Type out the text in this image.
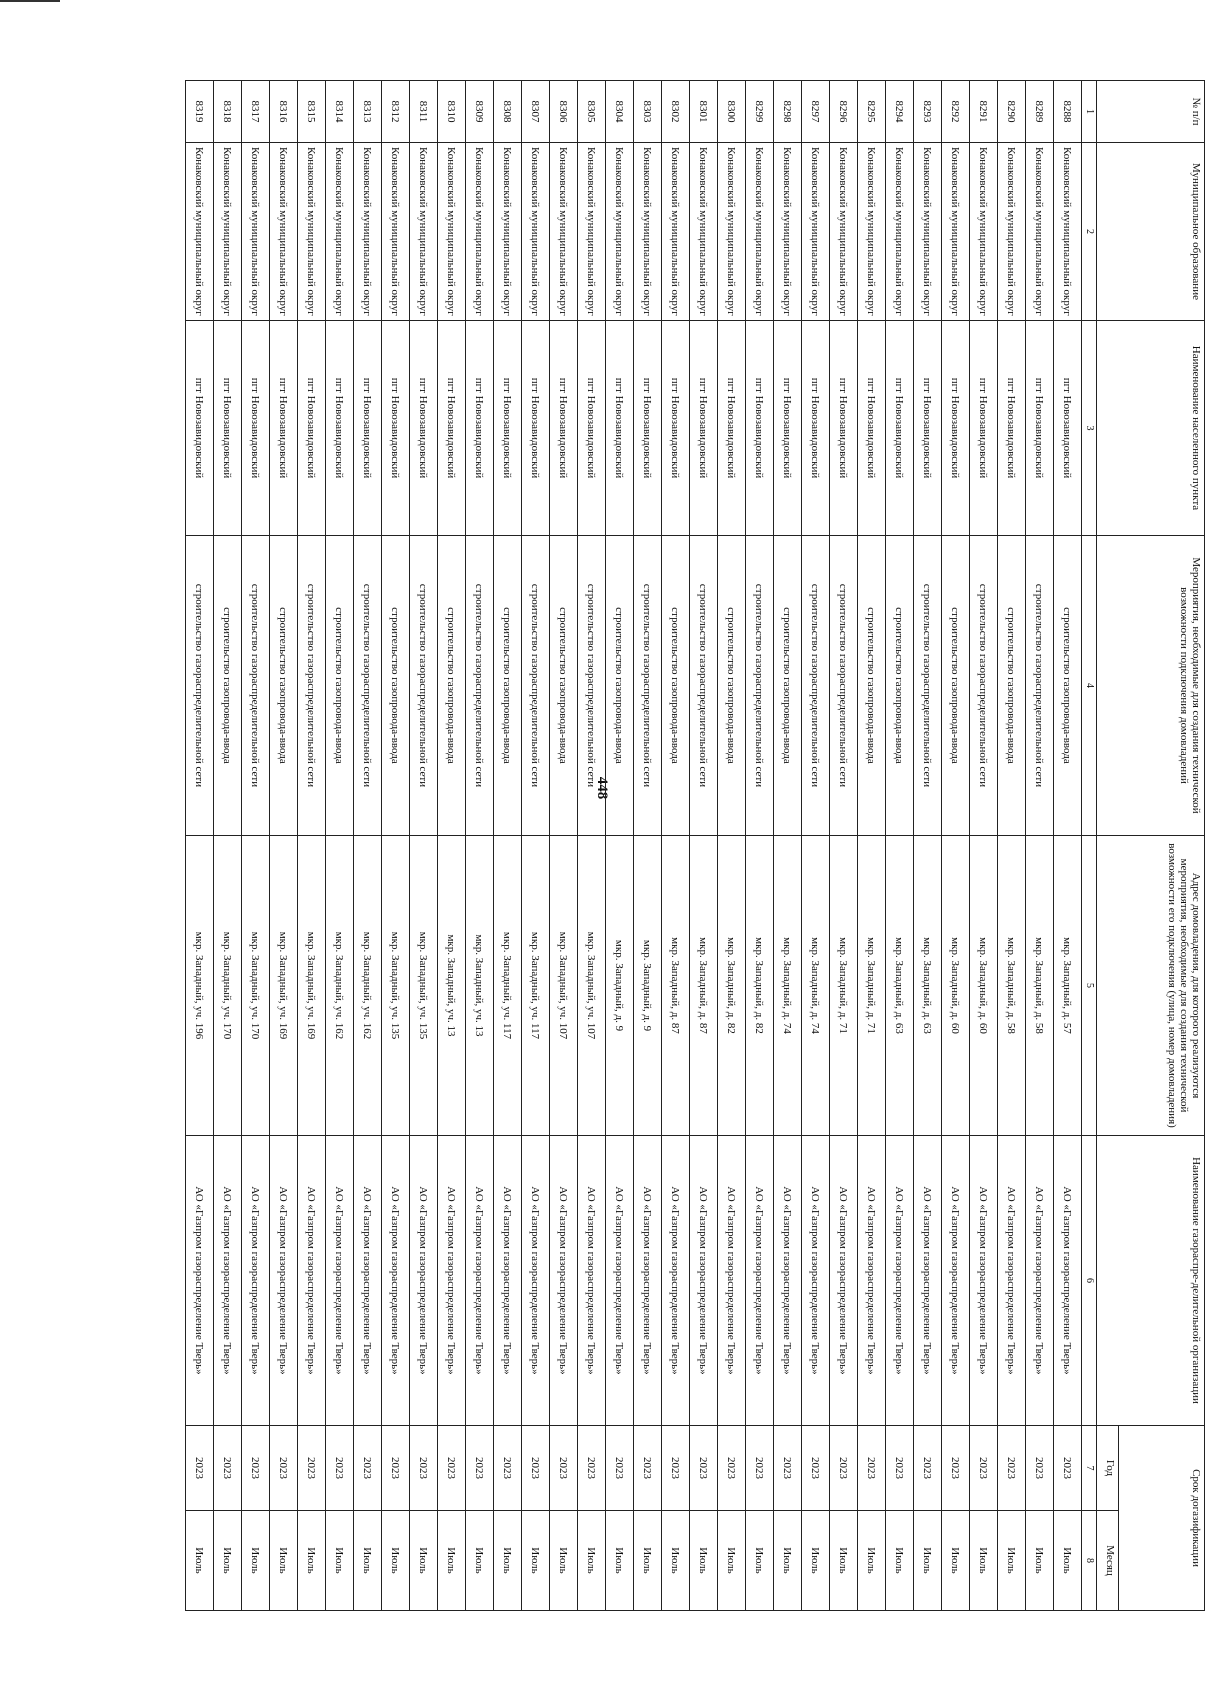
448
№ п/п	Муниципальное образование	Наименование населенного пункта	Мероприятия, необходимые для создания технической возможности подключения домовладений	Адрес домовладения, для которого реализуются мероприятия, необходимые для создания технической возможности его подключения (улица, номер домовладения)	Наименование газораспре-делительной организации	Срок догазификации	
						Год	Месяц
1	2	3	4	5	6	7	8
8288	Конаковский муниципальный округ	пгт Новозавидовский	строительство газопровода-ввода	мкр. Западный, д. 57	АО «Газпром газораспределение Тверь»	2023	Июль
8289	Конаковский муниципальный округ	пгт Новозавидовский	строительство газораспределительной сети	мкр. Западный, д. 58	АО «Газпром газораспределение Тверь»	2023	Июль
8290	Конаковский муниципальный округ	пгт Новозавидовский	строительство газопровода-ввода	мкр. Западный, д. 58	АО «Газпром газораспределение Тверь»	2023	Июль
8291	Конаковский муниципальный округ	пгт Новозавидовский	строительство газораспределительной сети	мкр. Западный, д. 60	АО «Газпром газораспределение Тверь»	2023	Июль
8292	Конаковский муниципальный округ	пгт Новозавидовский	строительство газопровода-ввода	мкр. Западный, д. 60	АО «Газпром газораспределение Тверь»	2023	Июль
8293	Конаковский муниципальный округ	пгт Новозавидовский	строительство газораспределительной сети	мкр. Западный, д. 63	АО «Газпром газораспределение Тверь»	2023	Июль
8294	Конаковский муниципальный округ	пгт Новозавидовский	строительство газопровода-ввода	мкр. Западный, д. 63	АО «Газпром газораспределение Тверь»	2023	Июль
8295	Конаковский муниципальный округ	пгт Новозавидовский	строительство газопровода-ввода	мкр. Западный, д. 71	АО «Газпром газораспределение Тверь»	2023	Июль
8296	Конаковский муниципальный округ	пгт Новозавидовский	строительство газораспределительной сети	мкр. Западный, д. 71	АО «Газпром газораспределение Тверь»	2023	Июль
8297	Конаковский муниципальный округ	пгт Новозавидовский	строительство газораспределительной сети	мкр. Западный, д. 74	АО «Газпром газораспределение Тверь»	2023	Июль
8298	Конаковский муниципальный округ	пгт Новозавидовский	строительство газопровода-ввода	мкр. Западный, д. 74	АО «Газпром газораспределение Тверь»	2023	Июль
8299	Конаковский муниципальный округ	пгт Новозавидовский	строительство газораспределительной сети	мкр. Западный, д. 82	АО «Газпром газораспределение Тверь»	2023	Июль
8300	Конаковский муниципальный округ	пгт Новозавидовский	строительство газопровода-ввода	мкр. Западный, д. 82	АО «Газпром газораспределение Тверь»	2023	Июль
8301	Конаковский муниципальный округ	пгт Новозавидовский	строительство газораспределительной сети	мкр. Западный, д. 87	АО «Газпром газораспределение Тверь»	2023	Июль
8302	Конаковский муниципальный округ	пгт Новозавидовский	строительство газопровода-ввода	мкр. Западный, д. 87	АО «Газпром газораспределение Тверь»	2023	Июль
8303	Конаковский муниципальный округ	пгт Новозавидовский	строительство газораспределительной сети	мкр. Западный, д. 9	АО «Газпром газораспределение Тверь»	2023	Июль
8304	Конаковский муниципальный округ	пгт Новозавидовский	строительство газопровода-ввода	мкр. Западный, д. 9	АО «Газпром газораспределение Тверь»	2023	Июль
8305	Конаковский муниципальный округ	пгт Новозавидовский	строительство газораспределительной сети	мкр. Западный, уч. 107	АО «Газпром газораспределение Тверь»	2023	Июль
8306	Конаковский муниципальный округ	пгт Новозавидовский	строительство газопровода-ввода	мкр. Западный, уч. 107	АО «Газпром газораспределение Тверь»	2023	Июль
8307	Конаковский муниципальный округ	пгт Новозавидовский	строительство газораспределительной сети	мкр. Западный, уч. 117	АО «Газпром газораспределение Тверь»	2023	Июль
8308	Конаковский муниципальный округ	пгт Новозавидовский	строительство газопровода-ввода	мкр. Западный, уч. 117	АО «Газпром газораспределение Тверь»	2023	Июль
8309	Конаковский муниципальный округ	пгт Новозавидовский	строительство газораспределительной сети	мкр. Западный, уч. 13	АО «Газпром газораспределение Тверь»	2023	Июль
8310	Конаковский муниципальный округ	пгт Новозавидовский	строительство газопровода-ввода	мкр. Западный, уч. 13	АО «Газпром газораспределение Тверь»	2023	Июль
8311	Конаковский муниципальный округ	пгт Новозавидовский	строительство газораспределительной сети	мкр. Западный, уч. 135	АО «Газпром газораспределение Тверь»	2023	Июль
8312	Конаковский муниципальный округ	пгт Новозавидовский	строительство газопровода-ввода	мкр. Западный, уч. 135	АО «Газпром газораспределение Тверь»	2023	Июль
8313	Конаковский муниципальный округ	пгт Новозавидовский	строительство газораспределительной сети	мкр. Западный, уч. 162	АО «Газпром газораспределение Тверь»	2023	Июль
8314	Конаковский муниципальный округ	пгт Новозавидовский	строительство газопровода-ввода	мкр. Западный, уч. 162	АО «Газпром газораспределение Тверь»	2023	Июль
8315	Конаковский муниципальный округ	пгт Новозавидовский	строительство газораспределительной сети	мкр. Западный, уч. 169	АО «Газпром газораспределение Тверь»	2023	Июль
8316	Конаковский муниципальный округ	пгт Новозавидовский	строительство газопровода-ввода	мкр. Западный, уч. 169	АО «Газпром газораспределение Тверь»	2023	Июль
8317	Конаковский муниципальный округ	пгт Новозавидовский	строительство газораспределительной сети	мкр. Западный, уч. 170	АО «Газпром газораспределение Тверь»	2023	Июль
8318	Конаковский муниципальный округ	пгт Новозавидовский	строительство газопровода-ввода	мкр. Западный, уч. 170	АО «Газпром газораспределение Тверь»	2023	Июль
8319	Конаковский муниципальный округ	пгт Новозавидовский	строительство газораспределительной сети	мкр. Западный, уч. 196	АО «Газпром газораспределение Тверь»	2023	Июль
